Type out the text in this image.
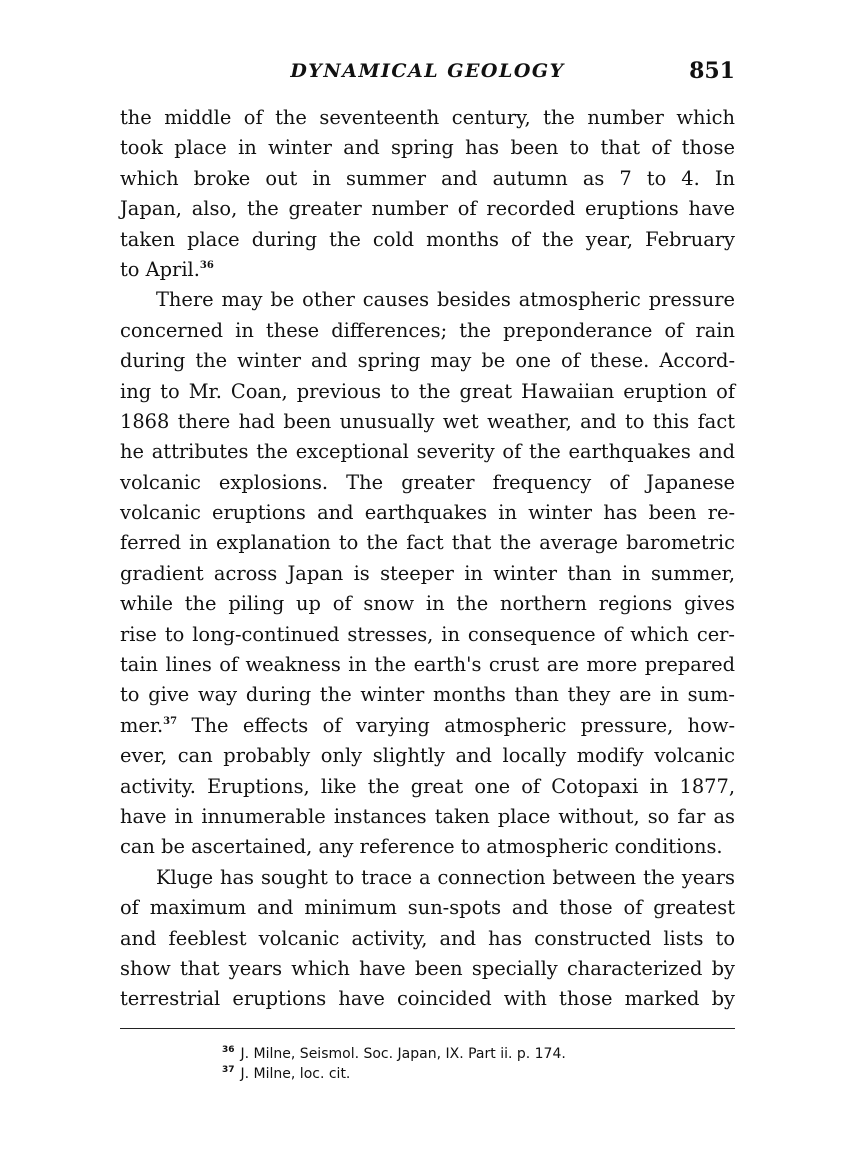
DYNAMICAL GEOLOGY	851
the middle of the seventeenth century, the number which
took place in winter and spring has been to that of those
which broke out in summer and autumn as 7 to 4. In
Japan, also, the greater number of recorded eruptions have
taken place during the cold months of the year, February
to April.$^{36}$
There may be other causes besides atmospheric pressure
concerned in these differences; the preponderance of rain
during the winter and spring may be one of these. Accord-
ing to Mr. Coan, previous to the great Hawaiian eruption of
1868 there had been unusually wet weather, and to this fact
he attributes the exceptional severity of the earthquakes and
volcanic explosions. The greater frequency of Japanese
volcanic eruptions and earthquakes in winter has been re-
ferred in explanation to the fact that the average barometric
gradient across Japan is steeper in winter than in summer,
while the piling up of snow in the northern regions gives
rise to long-continued stresses, in consequence of which cer-
tain lines of weakness in the earth's crust are more prepared
to give way during the winter months than they are in sum-
mer.$^{37}$ The effects of varying atmospheric pressure, how-
ever, can probably only slightly and locally modify volcanic
activity. Eruptions, like the great one of Cotopaxi in 1877,
have in innumerable instances taken place without, so far as
can be ascertained, any reference to atmospheric conditions.
Kluge has sought to trace a connection between the years
of maximum and minimum sun-spots and those of greatest
and feeblest volcanic activity, and has constructed lists to
show that years which have been specially characterized by
terrestrial eruptions have coincided with those marked by
$^{36}$ J. Milne, Seismol. Soc. Japan, IX. Part ii. p. 174.
$^{37}$ J. Milne, loc. cit.
